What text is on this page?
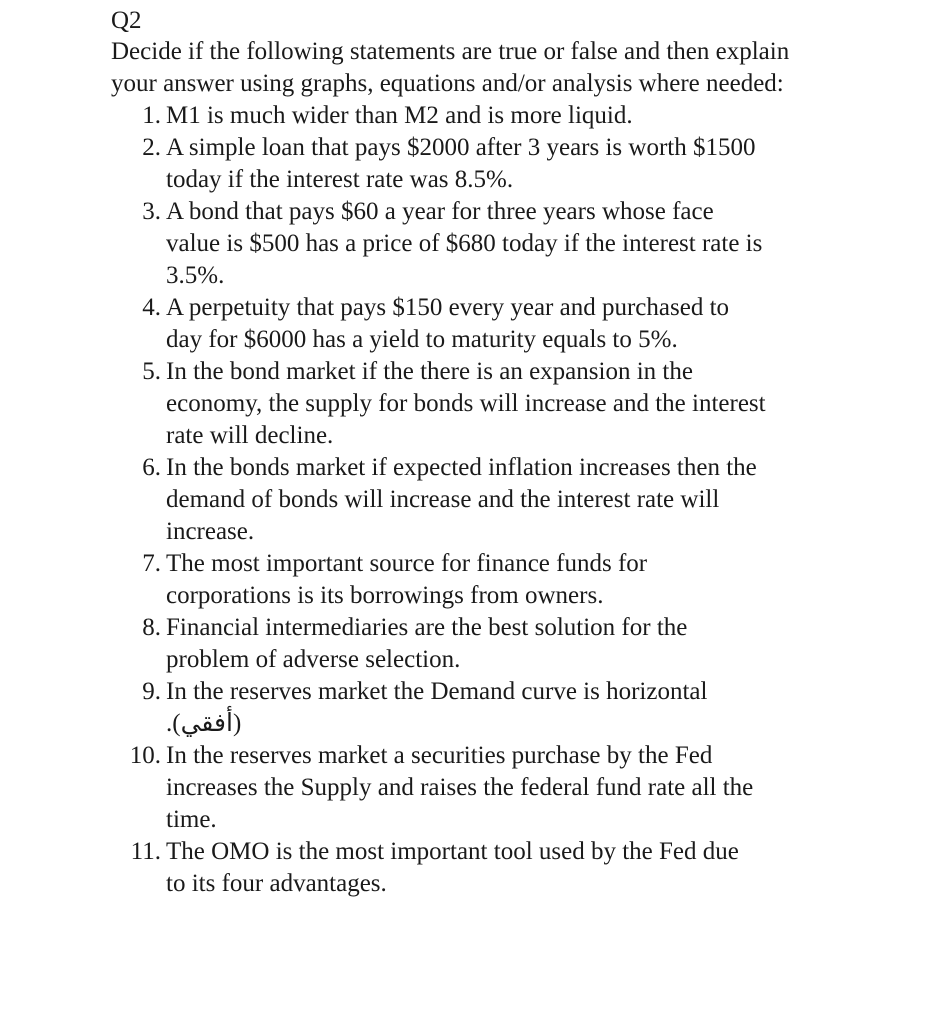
Q2

Decide if the following statements are true or false and then explain your answer using graphs, equations and/or analysis where needed:

1. M1 is much wider than M2 and is more liquid.
2. A simple loan that pays $2000 after 3 years is worth $1500
today if the interest rate was 8.5%.
3. A bond that pays $60 a year for three years whose face
value is $500 has a price of $680 today if the interest rate is
3.5%.
4. A perpetuity that pays $150 every year and purchased to
day for $6000 has a yield to maturity equals to 5%.
5. In the bond market if the there is an expansion in the
economy, the supply for bonds will increase and the interest
rate will decline.
6. In the bonds market if expected inflation increases then the
demand of bonds will increase and the interest rate will
increase.
7. The most important source for finance funds for
corporations is its borrowings from owners.
8. Financial intermediaries are the best solution for the
problem of adverse selection.
9. In the reserves market the Demand curve is horizontal
(أفقي).
10. In the reserves market a securities purchase by the Fed
increases the Supply and raises the federal fund rate all the
time.
11. The OMO is the most important tool used by the Fed due
to its four advantages.
